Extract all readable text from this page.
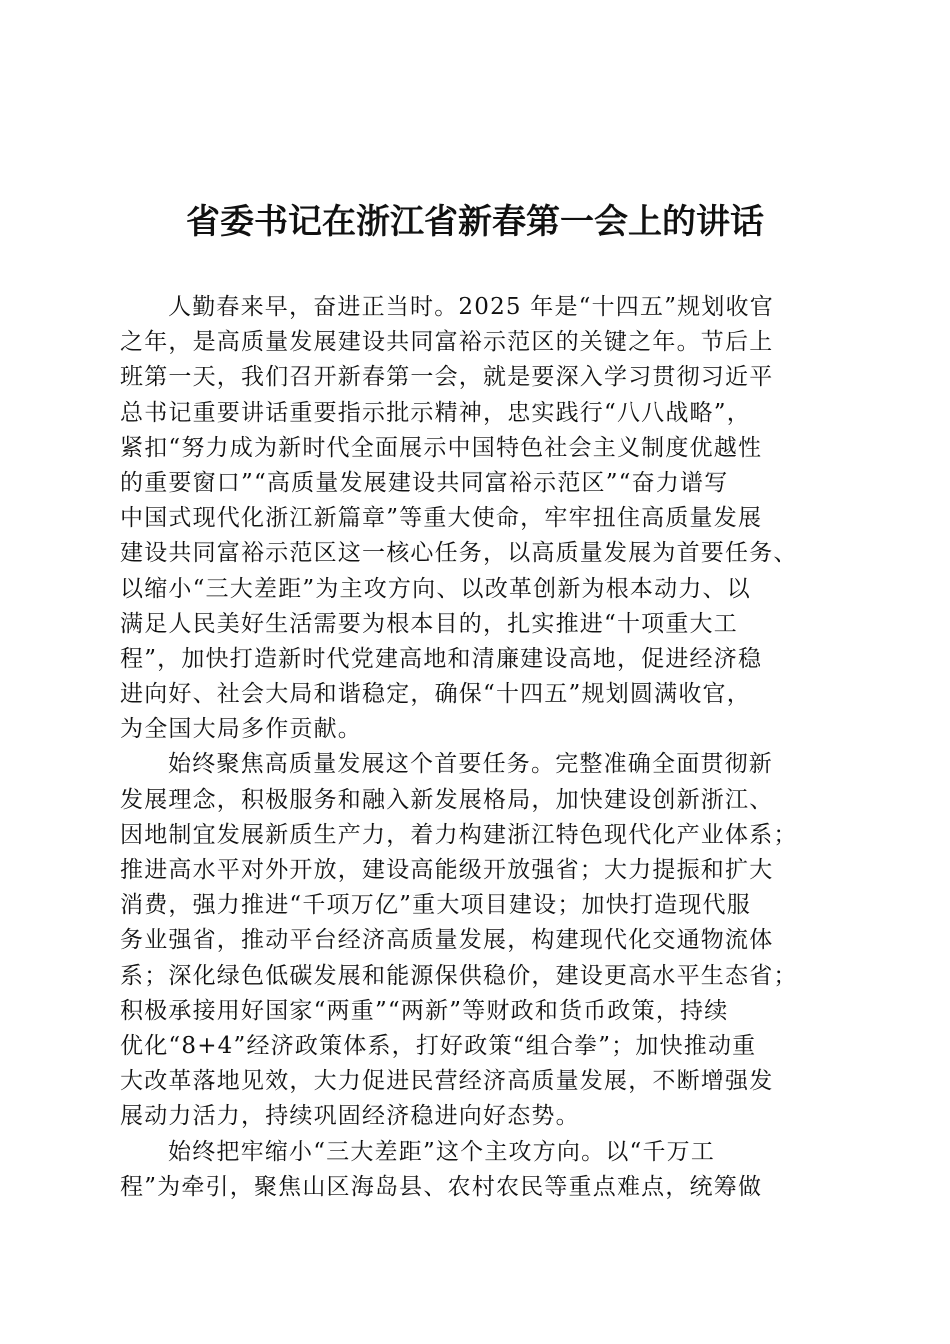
省委书记在浙江省新春第一会上的讲话
人勤春来早，奋进正当时。2025 年是“十四五”规划收官
之年，是高质量发展建设共同富裕示范区的关键之年。节后上
班第一天，我们召开新春第一会，就是要深入学习贯彻习近平
总书记重要讲话重要指示批示精神，忠实践行“八八战略”，
紧扣“努力成为新时代全面展示中国特色社会主义制度优越性
的重要窗口”“高质量发展建设共同富裕示范区”“奋力谱写
中国式现代化浙江新篇章”等重大使命，牢牢扭住高质量发展
建设共同富裕示范区这一核心任务，以高质量发展为首要任务、
以缩小“三大差距”为主攻方向、以改革创新为根本动力、以
满足人民美好生活需要为根本目的，扎实推进“十项重大工
程”，加快打造新时代党建高地和清廉建设高地，促进经济稳
进向好、社会大局和谐稳定，确保“十四五”规划圆满收官，
为全国大局多作贡献。
始终聚焦高质量发展这个首要任务。完整准确全面贯彻新
发展理念，积极服务和融入新发展格局，加快建设创新浙江、
因地制宜发展新质生产力，着力构建浙江特色现代化产业体系；
推进高水平对外开放，建设高能级开放强省；大力提振和扩大
消费，强力推进“千项万亿”重大项目建设；加快打造现代服
务业强省，推动平台经济高质量发展，构建现代化交通物流体
系；深化绿色低碳发展和能源保供稳价，建设更高水平生态省；
积极承接用好国家“两重”“两新”等财政和货币政策，持续
优化“8+4”经济政策体系，打好政策“组合拳”；加快推动重
大改革落地见效，大力促进民营经济高质量发展，不断增强发
展动力活力，持续巩固经济稳进向好态势。
始终把牢缩小“三大差距”这个主攻方向。以“千万工
程”为牵引，聚焦山区海岛县、农村农民等重点难点，统筹做
